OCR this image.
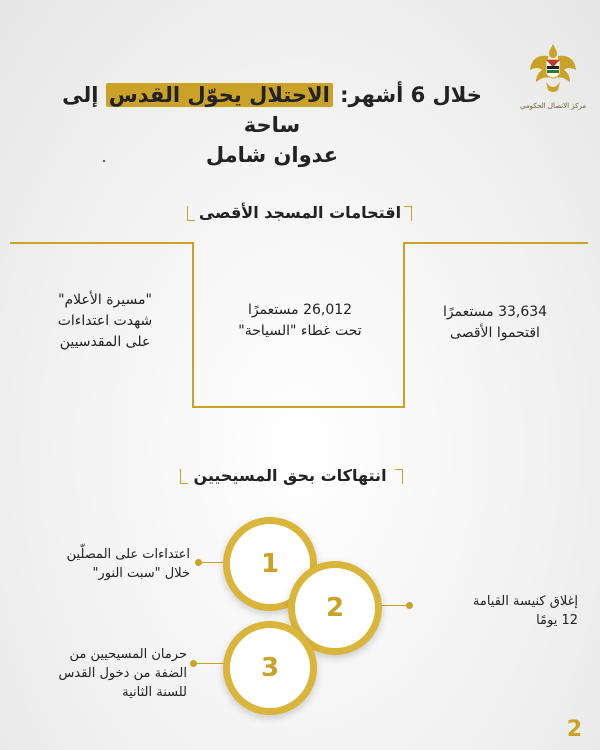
مركز الاتصال الحكومي
خلال 6 أشهر: الاحتلال يحوّل القدس إلى ساحة
عدوان شامل
اقتحامات المسجد الأقصى
33,634 مستعمرًا
اقتحموا الأقصى
26,012 مستعمرًا
تحت غطاء "السياحة"
"مسيرة الأعلام"
شهدت اعتداءات
على المقدسيين
انتهاكات بحق المسيحيين
1
2
3
اعتداءات على المصلّين
خلال "سبت النور"
إغلاق كنيسة القيامة
12 يومًا
حرمان المسيحيين من
الضفة من دخول القدس
للسنة الثانية
2
